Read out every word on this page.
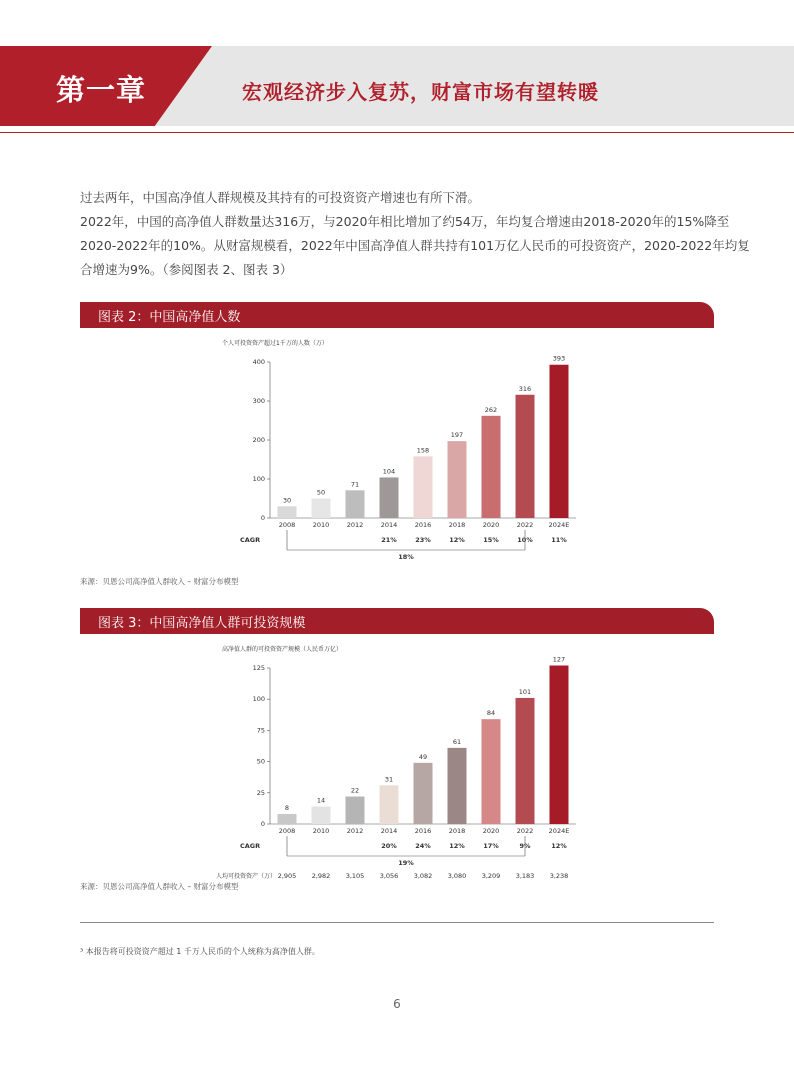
第一章	宏观经济步入复苏，财富市场有望转暖

过去两年，中国高净值人群规模及其持有的可投资资产增速也有所下滑。

2022年，中国的高净值人群数量达316万，与2020年相比增加了约54万，年均复合增速由2018-2020年的15%降至

2020-2022年的10%。从财富规模看，2022年中国高净值人群共持有101万亿人民币的可投资资产，2020-2022年均复

合增速为9%。（参阅图表 2、图表 3）

图表 2：中国高净值人数
个人可投资资产超过1千万的人数（万）
0
100
200
300
400
30
2008
50
2010
71
2012
104
2014
158
2016
197
2018
262
2020
316
2022
393
2024E
CAGR	21%	23%	12%	15%	10%	11%
18%
来源：贝恩公司高净值人群收入 – 财富分布模型
图表 3：中国高净值人群可投资规模
高净值人群的可投资资产规模（人民币万亿）
0
25
50
75
100
125
8
2008
14
2010
22
2012
31
2014
49
2016
61
2018
84
2020
101
2022
127
2024E
CAGR	20%	24%	12%	17%	9%	12%
19%
人均可投资资产（万） 2,905 2,982 3,105 3,056 3,082 3,080 3,209 3,183 3,238
来源：贝恩公司高净值人群收入 – 财富分布模型
³ 本报告将可投资资产超过 1 千万人民币的个人统称为高净值人群。
6
